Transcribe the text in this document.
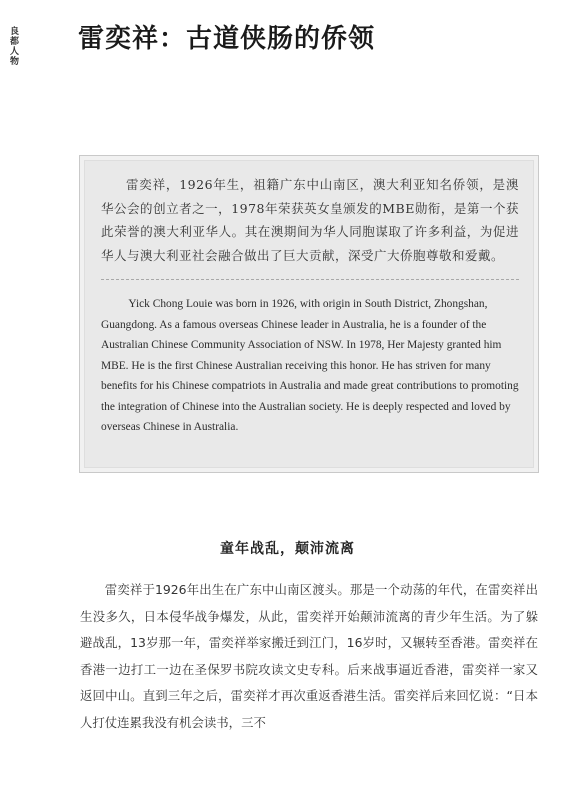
良都人物 雷奕祥：古道侠肠的侨领

雷奕祥，1926年生，祖籍广东中山南区，澳大利亚知名侨领，是澳华公会的创立者之一，1978年荣获英女皇颁发的MBE勋衔，是第一个获此荣誉的澳大利亚华人。其在澳期间为华人同胞谋取了许多利益，为促进华人与澳大利亚社会融合做出了巨大贡献，深受广大侨胞尊敬和爱戴。

Yick Chong Louie was born in 1926, with origin in South District, Zhongshan, Guangdong. As a famous overseas Chinese leader in Australia, he is a founder of the Australian Chinese Community Association of NSW. In 1978, Her Majesty granted him MBE. He is the first Chinese Australian receiving this honor. He has striven for many benefits for his Chinese compatriots in Australia and made great contributions to promoting the integration of Chinese into the Australian society. He is deeply respected and loved by overseas Chinese in Australia.

童年战乱，颠沛流离

雷奕祥于1926年出生在广东中山南区渡头。那是一个动荡的年代，在雷奕祥出生没多久，日本侵华战争爆发，从此，雷奕祥开始颠沛流离的青少年生活。为了躲避战乱，13岁那一年，雷奕祥举家搬迁到江门，16岁时，又辗转至香港。雷奕祥在香港一边打工一边在圣保罗书院攻读文史专科。后来战事逼近香港，雷奕祥一家又返回中山。直到三年之后，雷奕祥才再次重返香港生活。雷奕祥后来回忆说：“日本人打仗连累我没有机会读书，三不
